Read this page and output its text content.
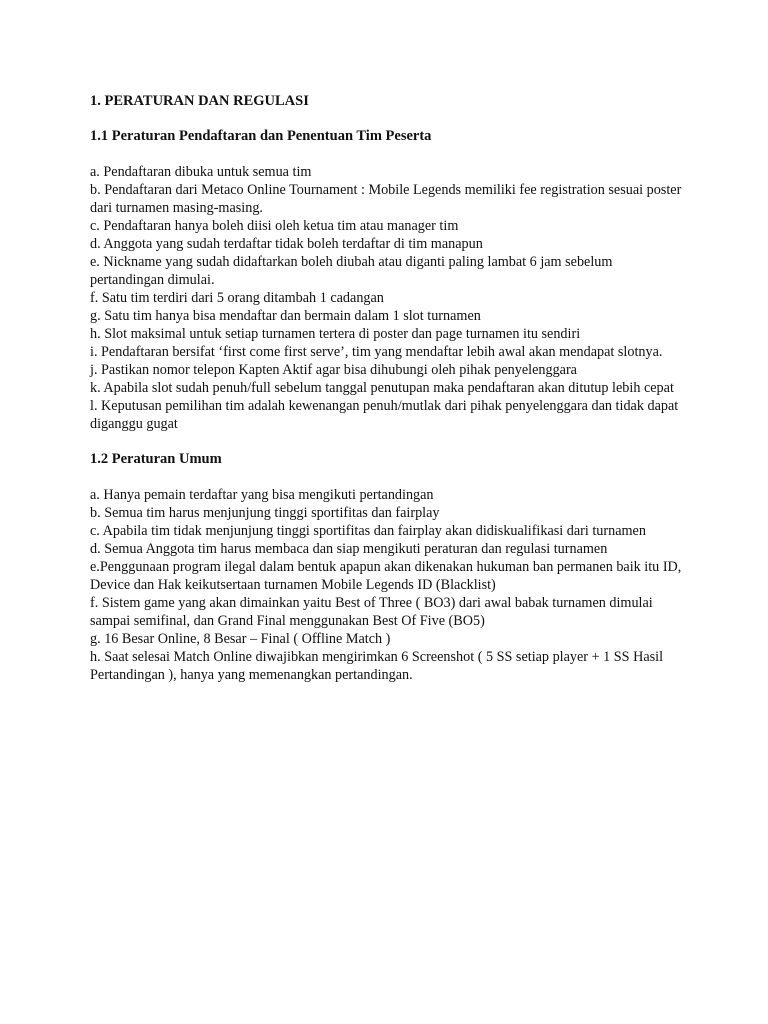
1. PERATURAN DAN REGULASI
1.1 Peraturan Pendaftaran dan Penentuan Tim Peserta
a. Pendaftaran dibuka untuk semua tim
b. Pendaftaran dari Metaco Online Tournament : Mobile Legends memiliki fee registration sesuai poster dari turnamen masing-masing.
c. Pendaftaran hanya boleh diisi oleh ketua tim atau manager tim
d. Anggota yang sudah terdaftar tidak boleh terdaftar di tim manapun
e. Nickname yang sudah didaftarkan boleh diubah atau diganti paling lambat 6 jam sebelum pertandingan dimulai.
f. Satu tim terdiri dari 5 orang ditambah 1 cadangan
g. Satu tim hanya bisa mendaftar dan bermain dalam 1 slot turnamen
h. Slot maksimal untuk setiap turnamen tertera di poster dan page turnamen itu sendiri
i. Pendaftaran bersifat ‘first come first serve’, tim yang mendaftar lebih awal akan mendapat slotnya.
j. Pastikan nomor telepon Kapten Aktif agar bisa dihubungi oleh pihak penyelenggara
k. Apabila slot sudah penuh/full sebelum tanggal penutupan maka pendaftaran akan ditutup lebih cepat
l. Keputusan pemilihan tim adalah kewenangan penuh/mutlak dari pihak penyelenggara dan tidak dapat diganggu gugat
1.2 Peraturan Umum
a. Hanya pemain terdaftar yang bisa mengikuti pertandingan
b. Semua tim harus menjunjung tinggi sportifitas dan fairplay
c. Apabila tim tidak menjunjung tinggi sportifitas dan fairplay akan didiskualifikasi dari turnamen
d. Semua Anggota tim harus membaca dan siap mengikuti peraturan dan regulasi turnamen
e.Penggunaan program ilegal dalam bentuk apapun akan dikenakan hukuman ban permanen baik itu ID, Device dan Hak keikutsertaan turnamen Mobile Legends ID (Blacklist)
f. Sistem game yang akan dimainkan yaitu Best of Three ( BO3) dari awal babak turnamen dimulai sampai semifinal, dan Grand Final menggunakan Best Of Five (BO5)
g. 16 Besar Online, 8 Besar – Final ( Offline Match )
h. Saat selesai Match Online diwajibkan mengirimkan 6 Screenshot ( 5 SS setiap player + 1 SS Hasil Pertandingan ), hanya yang memenangkan pertandingan.
